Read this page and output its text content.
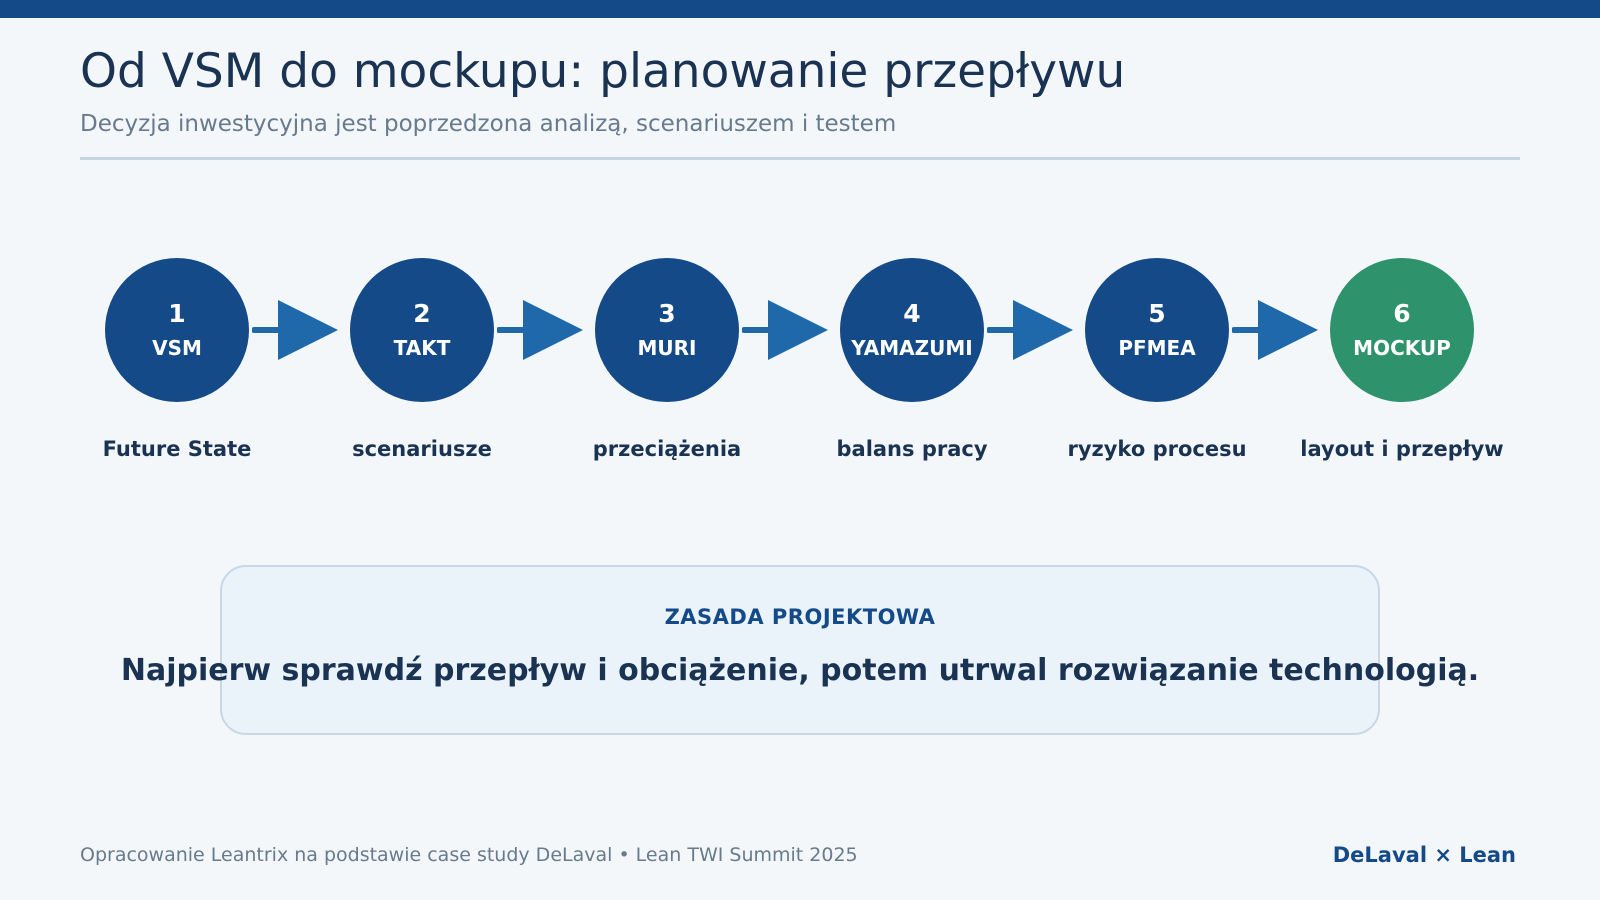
Od VSM do mockupu: planowanie przepływu
Decyzja inwestycyjna jest poprzedzona analizą, scenariuszem i testem
1
VSM
Future State
2
TAKT
scenariusze
3
MURI
przeciążenia
4
YAMAZUMI
balans pracy
5
PFMEA
ryzyko procesu
6
MOCKUP
layout i przepływ
ZASADA PROJEKTOWA
Najpierw sprawdź przepływ i obciążenie, potem utrwal rozwiązanie technologią.
Opracowanie Leantrix na podstawie case study DeLaval • Lean TWI Summit 2025	DeLaval × Lean
